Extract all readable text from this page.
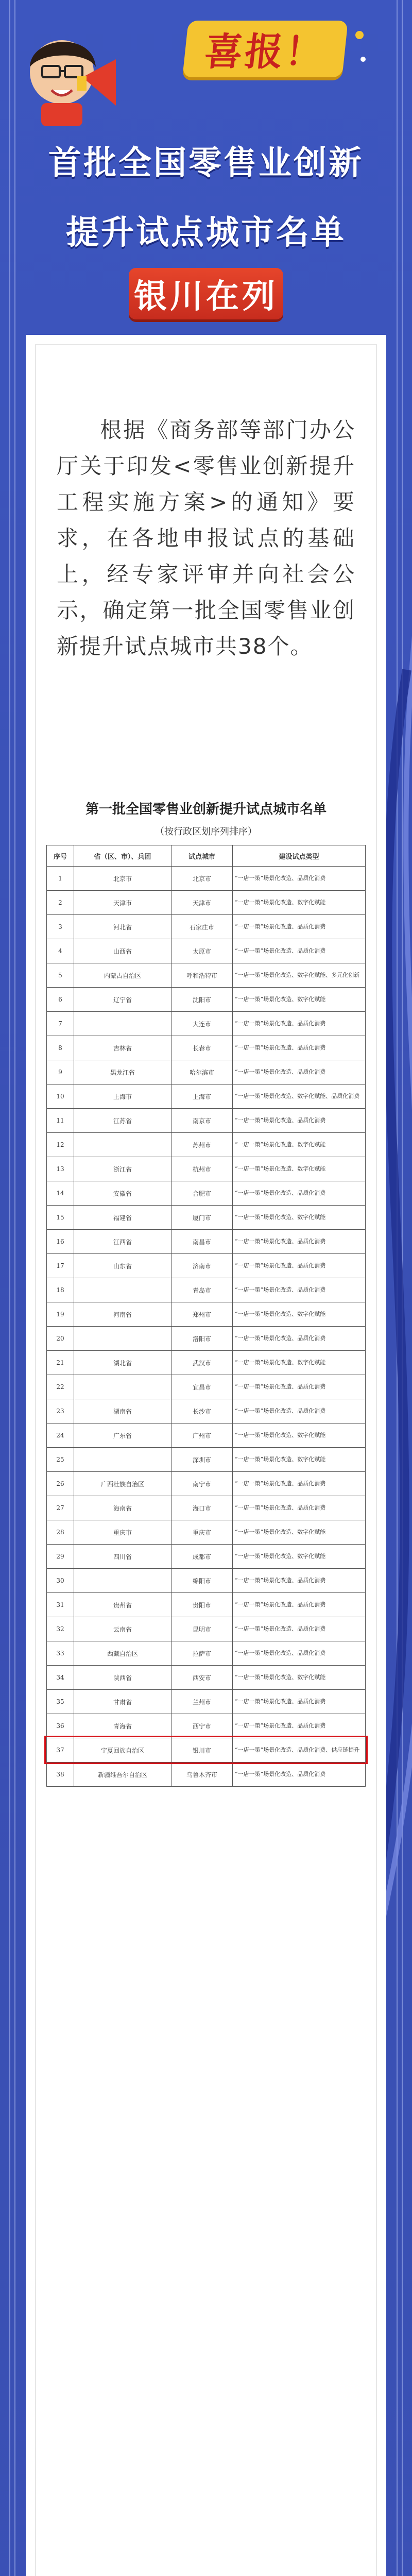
喜报！
首批全国零售业创新
提升试点城市名单
银川在列
根据《商务部等部门办公厅关于印发<零售业创新提升工程实施方案>的通知》要求，在各地申报试点的基础上，经专家评审并向社会公示，确定第一批全国零售业创新提升试点城市共38个。
第一批全国零售业创新提升试点城市名单
（按行政区划序列排序）
序号	省（区、市）、兵团	试点城市	建设试点类型
1	北京市	北京市	“一店一策”场景化改造、品质化消费
2	天津市	天津市	“一店一策”场景化改造、数字化赋能
3	河北省	石家庄市	“一店一策”场景化改造、品质化消费
4	山西省	太原市	“一店一策”场景化改造、品质化消费
5	内蒙古自治区	呼和浩特市	“一店一策”场景化改造、数字化赋能、多元化创新
6	辽宁省	沈阳市	“一店一策”场景化改造、数字化赋能
7		大连市	“一店一策”场景化改造、品质化消费
8	吉林省	长春市	“一店一策”场景化改造、品质化消费
9	黑龙江省	哈尔滨市	“一店一策”场景化改造、品质化消费
10	上海市	上海市	“一店一策”场景化改造、数字化赋能、品质化消费
11	江苏省	南京市	“一店一策”场景化改造、品质化消费
12		苏州市	“一店一策”场景化改造、数字化赋能
13	浙江省	杭州市	“一店一策”场景化改造、数字化赋能
14	安徽省	合肥市	“一店一策”场景化改造、品质化消费
15	福建省	厦门市	“一店一策”场景化改造、数字化赋能
16	江西省	南昌市	“一店一策”场景化改造、品质化消费
17	山东省	济南市	“一店一策”场景化改造、品质化消费
18		青岛市	“一店一策”场景化改造、品质化消费
19	河南省	郑州市	“一店一策”场景化改造、数字化赋能
20		洛阳市	“一店一策”场景化改造、品质化消费
21	湖北省	武汉市	“一店一策”场景化改造、数字化赋能
22		宜昌市	“一店一策”场景化改造、品质化消费
23	湖南省	长沙市	“一店一策”场景化改造、品质化消费
24	广东省	广州市	“一店一策”场景化改造、数字化赋能
25		深圳市	“一店一策”场景化改造、数字化赋能
26	广西壮族自治区	南宁市	“一店一策”场景化改造、品质化消费
27	海南省	海口市	“一店一策”场景化改造、品质化消费
28	重庆市	重庆市	“一店一策”场景化改造、数字化赋能
29	四川省	成都市	“一店一策”场景化改造、数字化赋能
30		绵阳市	“一店一策”场景化改造、品质化消费
31	贵州省	贵阳市	“一店一策”场景化改造、品质化消费
32	云南省	昆明市	“一店一策”场景化改造、品质化消费
33	西藏自治区	拉萨市	“一店一策”场景化改造、品质化消费
34	陕西省	西安市	“一店一策”场景化改造、数字化赋能
35	甘肃省	兰州市	“一店一策”场景化改造、品质化消费
36	青海省	西宁市	“一店一策”场景化改造、品质化消费
37	宁夏回族自治区	银川市	“一店一策”场景化改造、品质化消费、供应链提升
38	新疆维吾尔自治区	乌鲁木齐市	“一店一策”场景化改造、品质化消费
